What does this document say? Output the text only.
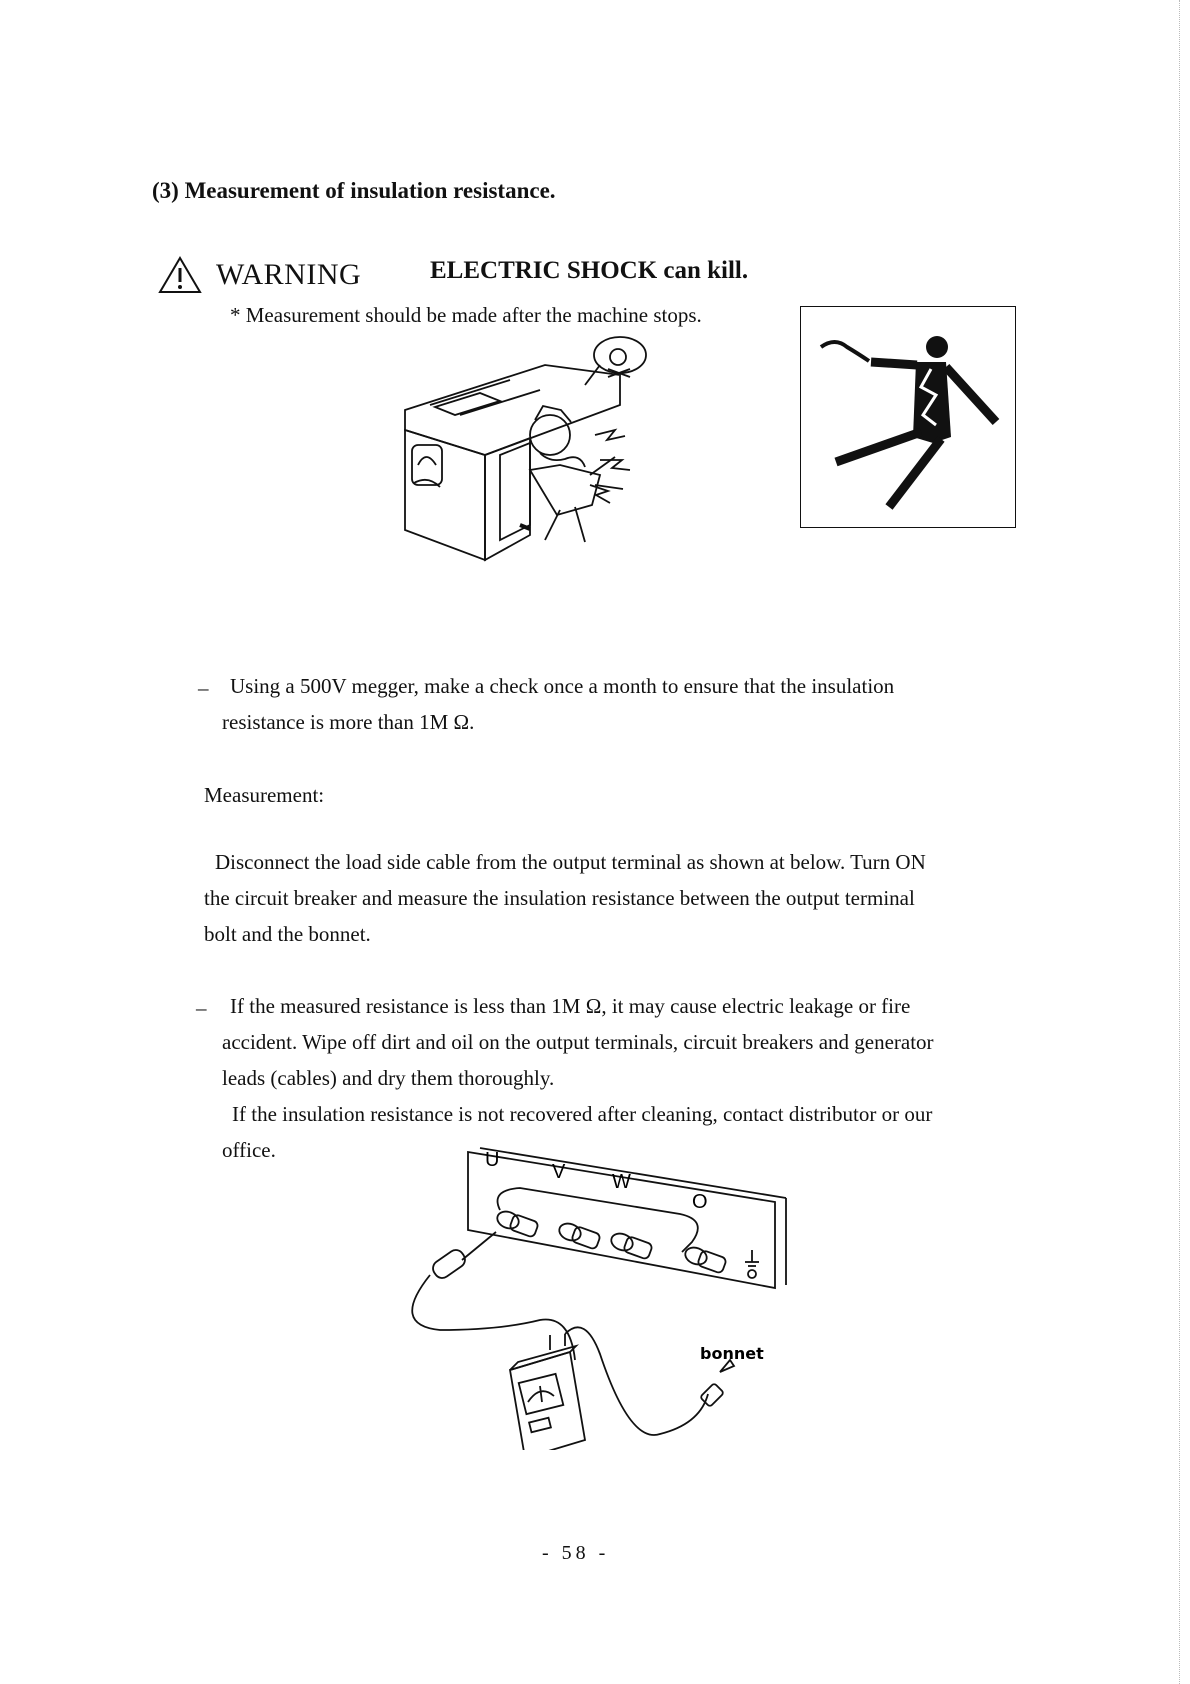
(3) Measurement of insulation resistance.
WARNING	ELECTRIC SHOCK can kill.
* Measurement should be made after the machine stops.
– Using a 500V megger, make a check once a month to ensure that the insulation
resistance is more than 1M Ω.
Measurement:
Disconnect the load side cable from the output terminal as shown at below. Turn ON
the circuit breaker and measure the insulation resistance between the output terminal
bolt and the bonnet.
– If the measured resistance is less than 1M Ω, it may cause electric leakage or fire
accident. Wipe off dirt and oil on the output terminals, circuit breakers and generator
leads (cables) and dry them thoroughly.
If the insulation resistance is not recovered after cleaning, contact distributor or our
office.	U
V W
O
bonnet
- 58 -
